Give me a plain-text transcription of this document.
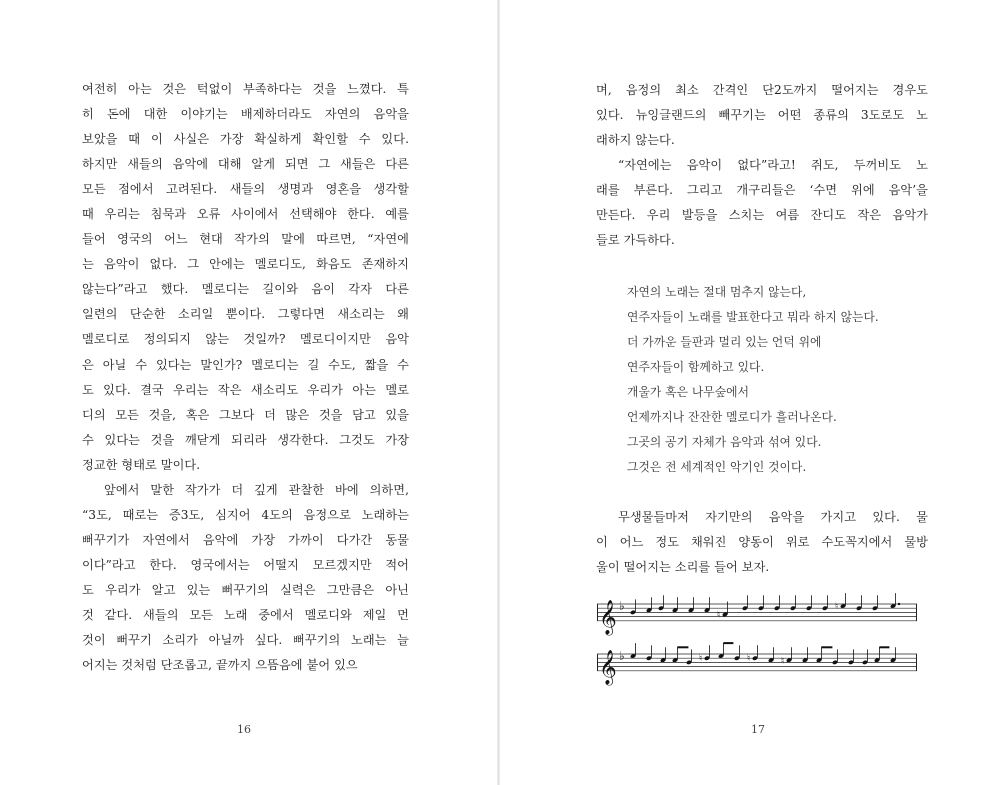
여전히 아는 것은 턱없이 부족하다는 것을 느꼈다. 특
히 돈에 대한 이야기는 배제하더라도 자연의 음악을
보았을 때 이 사실은 가장 확실하게 확인할 수 있다.
하지만 새들의 음악에 대해 알게 되면 그 새들은 다른
모든 점에서 고려된다. 새들의 생명과 영혼을 생각할
때 우리는 침묵과 오류 사이에서 선택해야 한다. 예를
들어 영국의 어느 현대 작가의 말에 따르면, “자연에
는 음악이 없다. 그 안에는 멜로디도, 화음도 존재하지
않는다”라고 했다. 멜로디는 길이와 음이 각자 다른
일련의 단순한 소리일 뿐이다. 그렇다면 새소리는 왜
멜로디로 정의되지 않는 것일까? 멜로디이지만 음악
은 아닐 수 있다는 말인가? 멜로디는 길 수도, 짧을 수
도 있다. 결국 우리는 작은 새소리도 우리가 아는 멜로
디의 모든 것을, 혹은 그보다 더 많은 것을 담고 있을
수 있다는 것을 깨닫게 되리라 생각한다. 그것도 가장
정교한 형태로 말이다.
앞에서 말한 작가가 더 깊게 관찰한 바에 의하면,
“3도, 때로는 증3도, 심지어 4도의 음정으로 노래하는
뻐꾸기가 자연에서 음악에 가장 가까이 다가간 동물
이다”라고 한다. 영국에서는 어떨지 모르겠지만 적어
도 우리가 알고 있는 뻐꾸기의 실력은 그만큼은 아닌
것 같다. 새들의 모든 노래 중에서 멜로디와 제일 먼
것이 뻐꾸기 소리가 아닐까 싶다. 뻐꾸기의 노래는 늘
어지는 것처럼 단조롭고, 끝까지 으뜸음에 붙어 있으
16
며, 음정의 최소 간격인 단2도까지 떨어지는 경우도
있다. 뉴잉글랜드의 빼꾸기는 어떤 종류의 3도로도 노
래하지 않는다.
“자연에는 음악이 없다”라고! 쥐도, 두꺼비도 노
래를 부른다. 그리고 개구리들은 ‘수면 위에 음악’을
만든다. 우리 발등을 스치는 여름 잔디도 작은 음악가
들로 가득하다.
자연의 노래는 절대 멈추지 않는다,
연주자들이 노래를 발표한다고 뭐라 하지 않는다.
더 가까운 들판과 멀리 있는 언덕 위에
연주자들이 함께하고 있다.
개울가 혹은 나무숲에서
언제까지나 잔잔한 멜로디가 흘러나온다.
그곳의 공기 자체가 음악과 섞여 있다.
그것은 전 세계적인 악기인 것이다.
무생물들마저 자기만의 음악을 가지고 있다. 물
이 어느 정도 채워진 양동이 위로 수도꼭지에서 물방
울이 떨어지는 소리를 들어 보자.
𝄞 ♭
♮
♮
𝄞 ♭	♮	♮	♮
17
